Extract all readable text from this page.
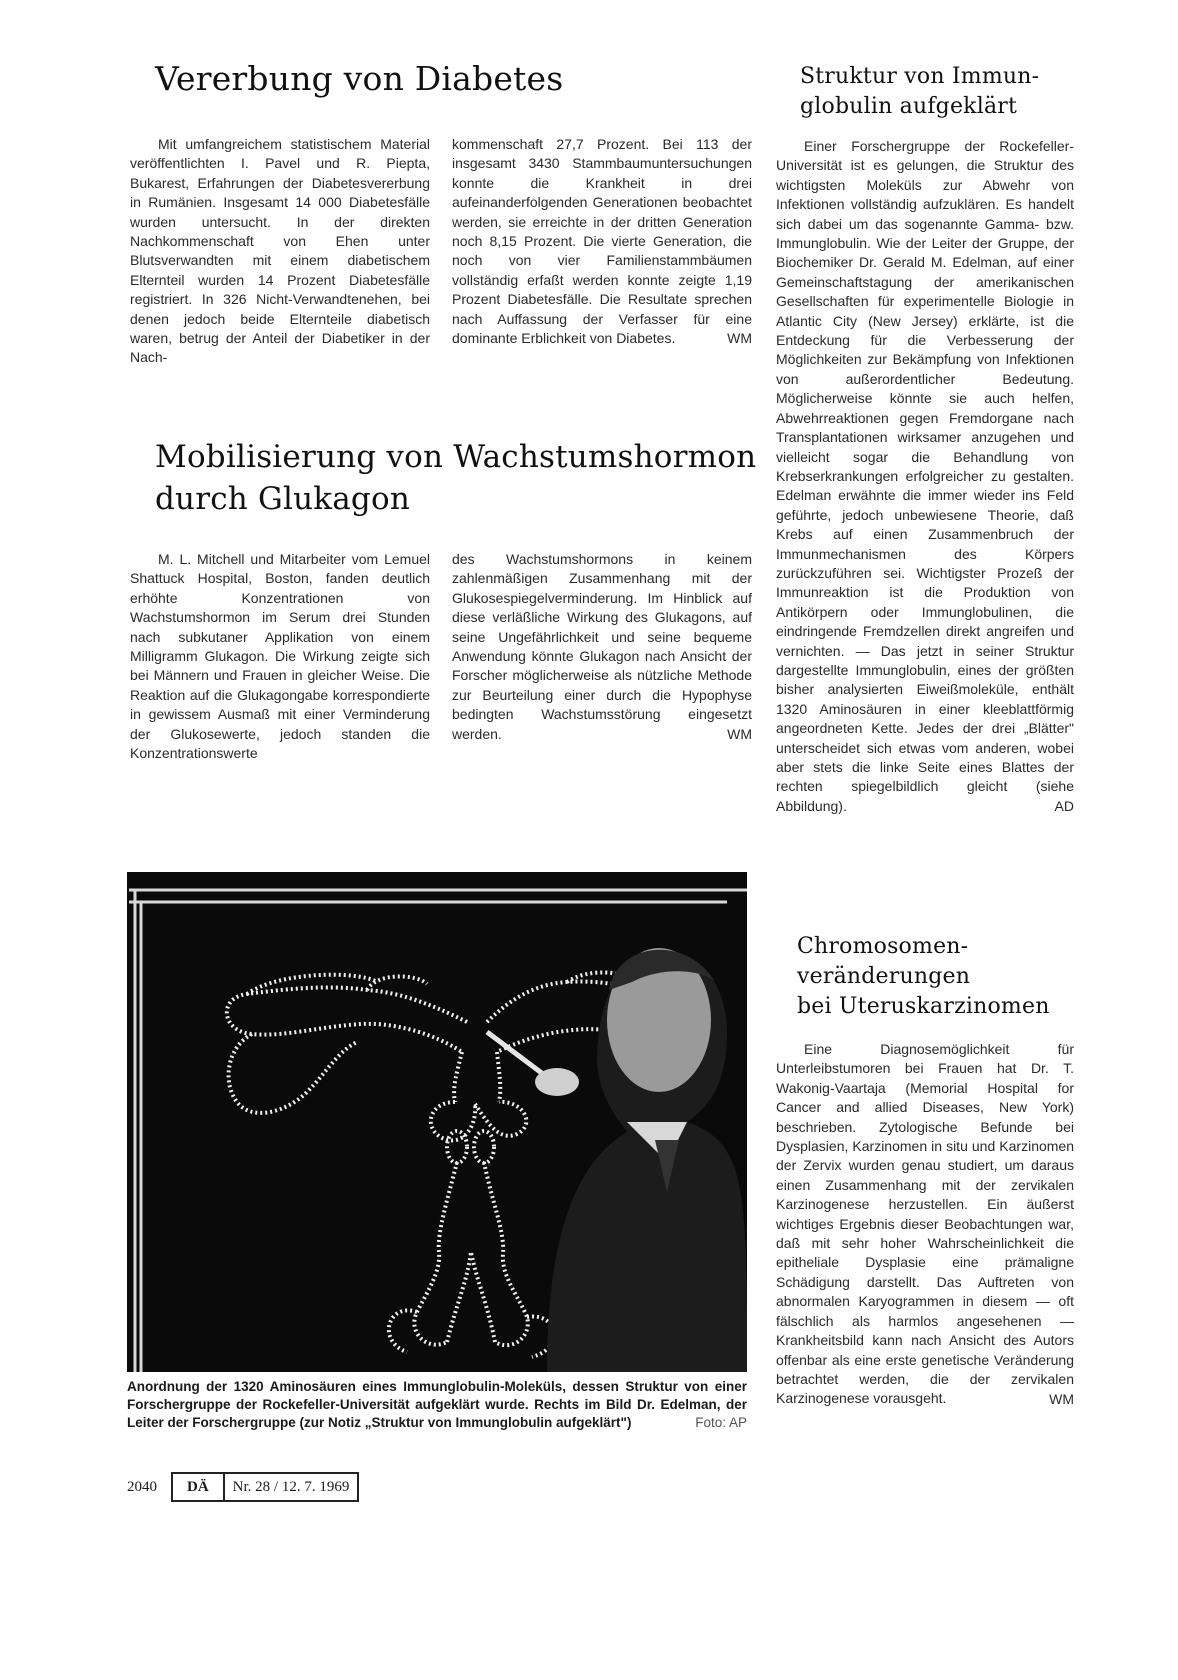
Vererbung von Diabetes

Mit umfangreichem statistischem Material veröffentlichten I. Pavel und R. Piepta, Bukarest, Erfahrungen der Diabetesvererbung in Rumänien. Insgesamt 14 000 Diabetesfälle wurden untersucht. In der direkten Nachkommenschaft von Ehen unter Blutsverwandten mit einem diabetischem Elternteil wurden 14 Prozent Diabetesfälle registriert. In 326 Nicht-Verwandtenehen, bei denen jedoch beide Elternteile diabetisch waren, betrug der Anteil der Diabetiker in der Nach-

kommenschaft 27,7 Prozent. Bei 113 der insgesamt 3430 Stammbaumuntersuchungen konnte die Krankheit in drei aufeinanderfolgenden Generationen beobachtet werden, sie erreichte in der dritten Generation noch 8,15 Prozent. Die vierte Generation, die noch von vier Familienstammbäumen vollständig erfaßt werden konnte zeigte 1,19 Prozent Diabetesfälle. Die Resultate sprechen nach Auffassung der Verfasser für eine dominante Erblichkeit von Diabetes.	WM
Mobilisierung von Wachstumshormon
durch Glukagon

M. L. Mitchell und Mitarbeiter vom Lemuel Shattuck Hospital, Boston, fanden deutlich erhöhte Konzentrationen von Wachstumshormon im Serum drei Stunden nach subkutaner Applikation von einem Milligramm Glukagon. Die Wirkung zeigte sich bei Männern und Frauen in gleicher Weise. Die Reaktion auf die Glukagongabe korrespondierte in gewissem Ausmaß mit einer Verminderung der Glukosewerte, jedoch standen die Konzentrationswerte

des Wachstumshormons in keinem zahlenmäßigen Zusammenhang mit der Glukosespiegelverminderung. Im Hinblick auf diese verläßliche Wirkung des Glukagons, auf seine Ungefährlichkeit und seine bequeme Anwendung könnte Glukagon nach Ansicht der Forscher möglicherweise als nützliche Methode zur Beurteilung einer durch die Hypophyse bedingten Wachstumsstörung eingesetzt werden.	WM
Struktur von Immun-
globulin aufgeklärt

Einer Forschergruppe der Rockefeller-Universität ist es gelungen, die Struktur des wichtigsten Moleküls zur Abwehr von Infektionen vollständig aufzuklären. Es handelt sich dabei um das sogenannte Gamma- bzw. Immunglobulin. Wie der Leiter der Gruppe, der Biochemiker Dr. Gerald M. Edelman, auf einer Gemeinschaftstagung der amerikanischen Gesellschaften für experimentelle Biologie in Atlantic City (New Jersey) erklärte, ist die Entdeckung für die Verbesserung der Möglichkeiten zur Bekämpfung von Infektionen von außerordentlicher Bedeutung. Möglicherweise könnte sie auch helfen, Abwehrreaktionen gegen Fremdorgane nach Transplantationen wirksamer anzugehen und vielleicht sogar die Behandlung von Krebserkrankungen erfolgreicher zu gestalten. Edelman erwähnte die immer wieder ins Feld geführte, jedoch unbewiesene Theorie, daß Krebs auf einen Zusammenbruch der Immunmechanismen des Körpers zurückzuführen sei. Wichtigster Prozeß der Immunreaktion ist die Produktion von Antikörpern oder Immunglobulinen, die eindringende Fremdzellen direkt angreifen und vernichten. — Das jetzt in seiner Struktur dargestellte Immunglobulin, eines der größten bisher analysierten Eiweißmoleküle, enthält 1320 Aminosäuren in einer kleeblattförmig angeordneten Kette. Jedes der drei „Blätter" unterscheidet sich etwas vom anderen, wobei aber stets die linke Seite eines Blattes der rechten spiegelbildlich gleicht (siehe Abbildung).	AD
Chromosomen-
veränderungen
bei Uteruskarzinomen

Eine Diagnosemöglichkeit für Unterleibstumoren bei Frauen hat Dr. T. Wakonig-Vaartaja (Memorial Hospital for Cancer and allied Diseases, New York) beschrieben. Zytologische Befunde bei Dysplasien, Karzinomen in situ und Karzinomen der Zervix wurden genau studiert, um daraus einen Zusammenhang mit der zervikalen Karzinogenese herzustellen. Ein äußerst wichtiges Ergebnis dieser Beobachtungen war, daß mit sehr hoher Wahrscheinlichkeit die epitheliale Dysplasie eine prämaligne Schädigung darstellt. Das Auftreten von abnormalen Karyogrammen in diesem — oft fälschlich als harmlos angesehenen — Krankheitsbild kann nach Ansicht des Autors offenbar als eine erste genetische Veränderung betrachtet werden, die der zervikalen Karzinogenese vorausgeht.	WM

Anordnung der 1320 Aminosäuren eines Immunglobulin-Moleküls, dessen Struktur von einer Forschergruppe der Rockefeller-Universität aufgeklärt wurde. Rechts im Bild Dr. Edelman, der Leiter der Forschergruppe (zur Notiz „Struktur von Immunglobulin aufgeklärt")	Foto: AP
2040	DÄ	Nr. 28 / 12. 7. 1969
